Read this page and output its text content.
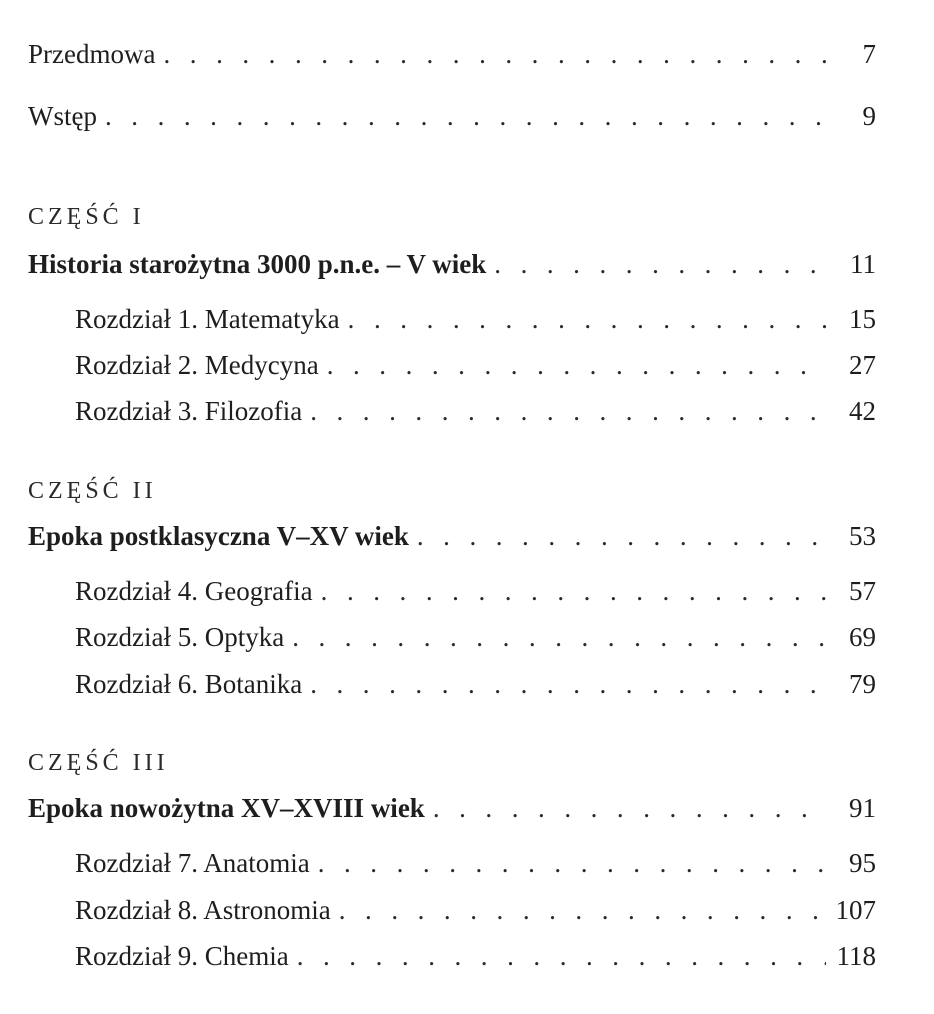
Przedmowa . . .	7
Wstęp . . .	9
CZĘŚĆ I
Historia starożytna 3000 p.n.e. – V wiek . . .	11
Rozdział 1. Matematyka . . .	15
Rozdział 2. Medycyna . . .	27
Rozdział 3. Filozofia . . .	42
CZĘŚĆ II
Epoka postklasyczna V–XV wiek . . .	53
Rozdział 4. Geografia . . .	57
Rozdział 5. Optyka . . .	69
Rozdział 6. Botanika . . .	79
CZĘŚĆ III
Epoka nowożytna XV–XVIII wiek . . .	91
Rozdział 7. Anatomia . . .	95
Rozdział 8. Astronomia . . .	107
Rozdział 9. Chemia . . .	118
